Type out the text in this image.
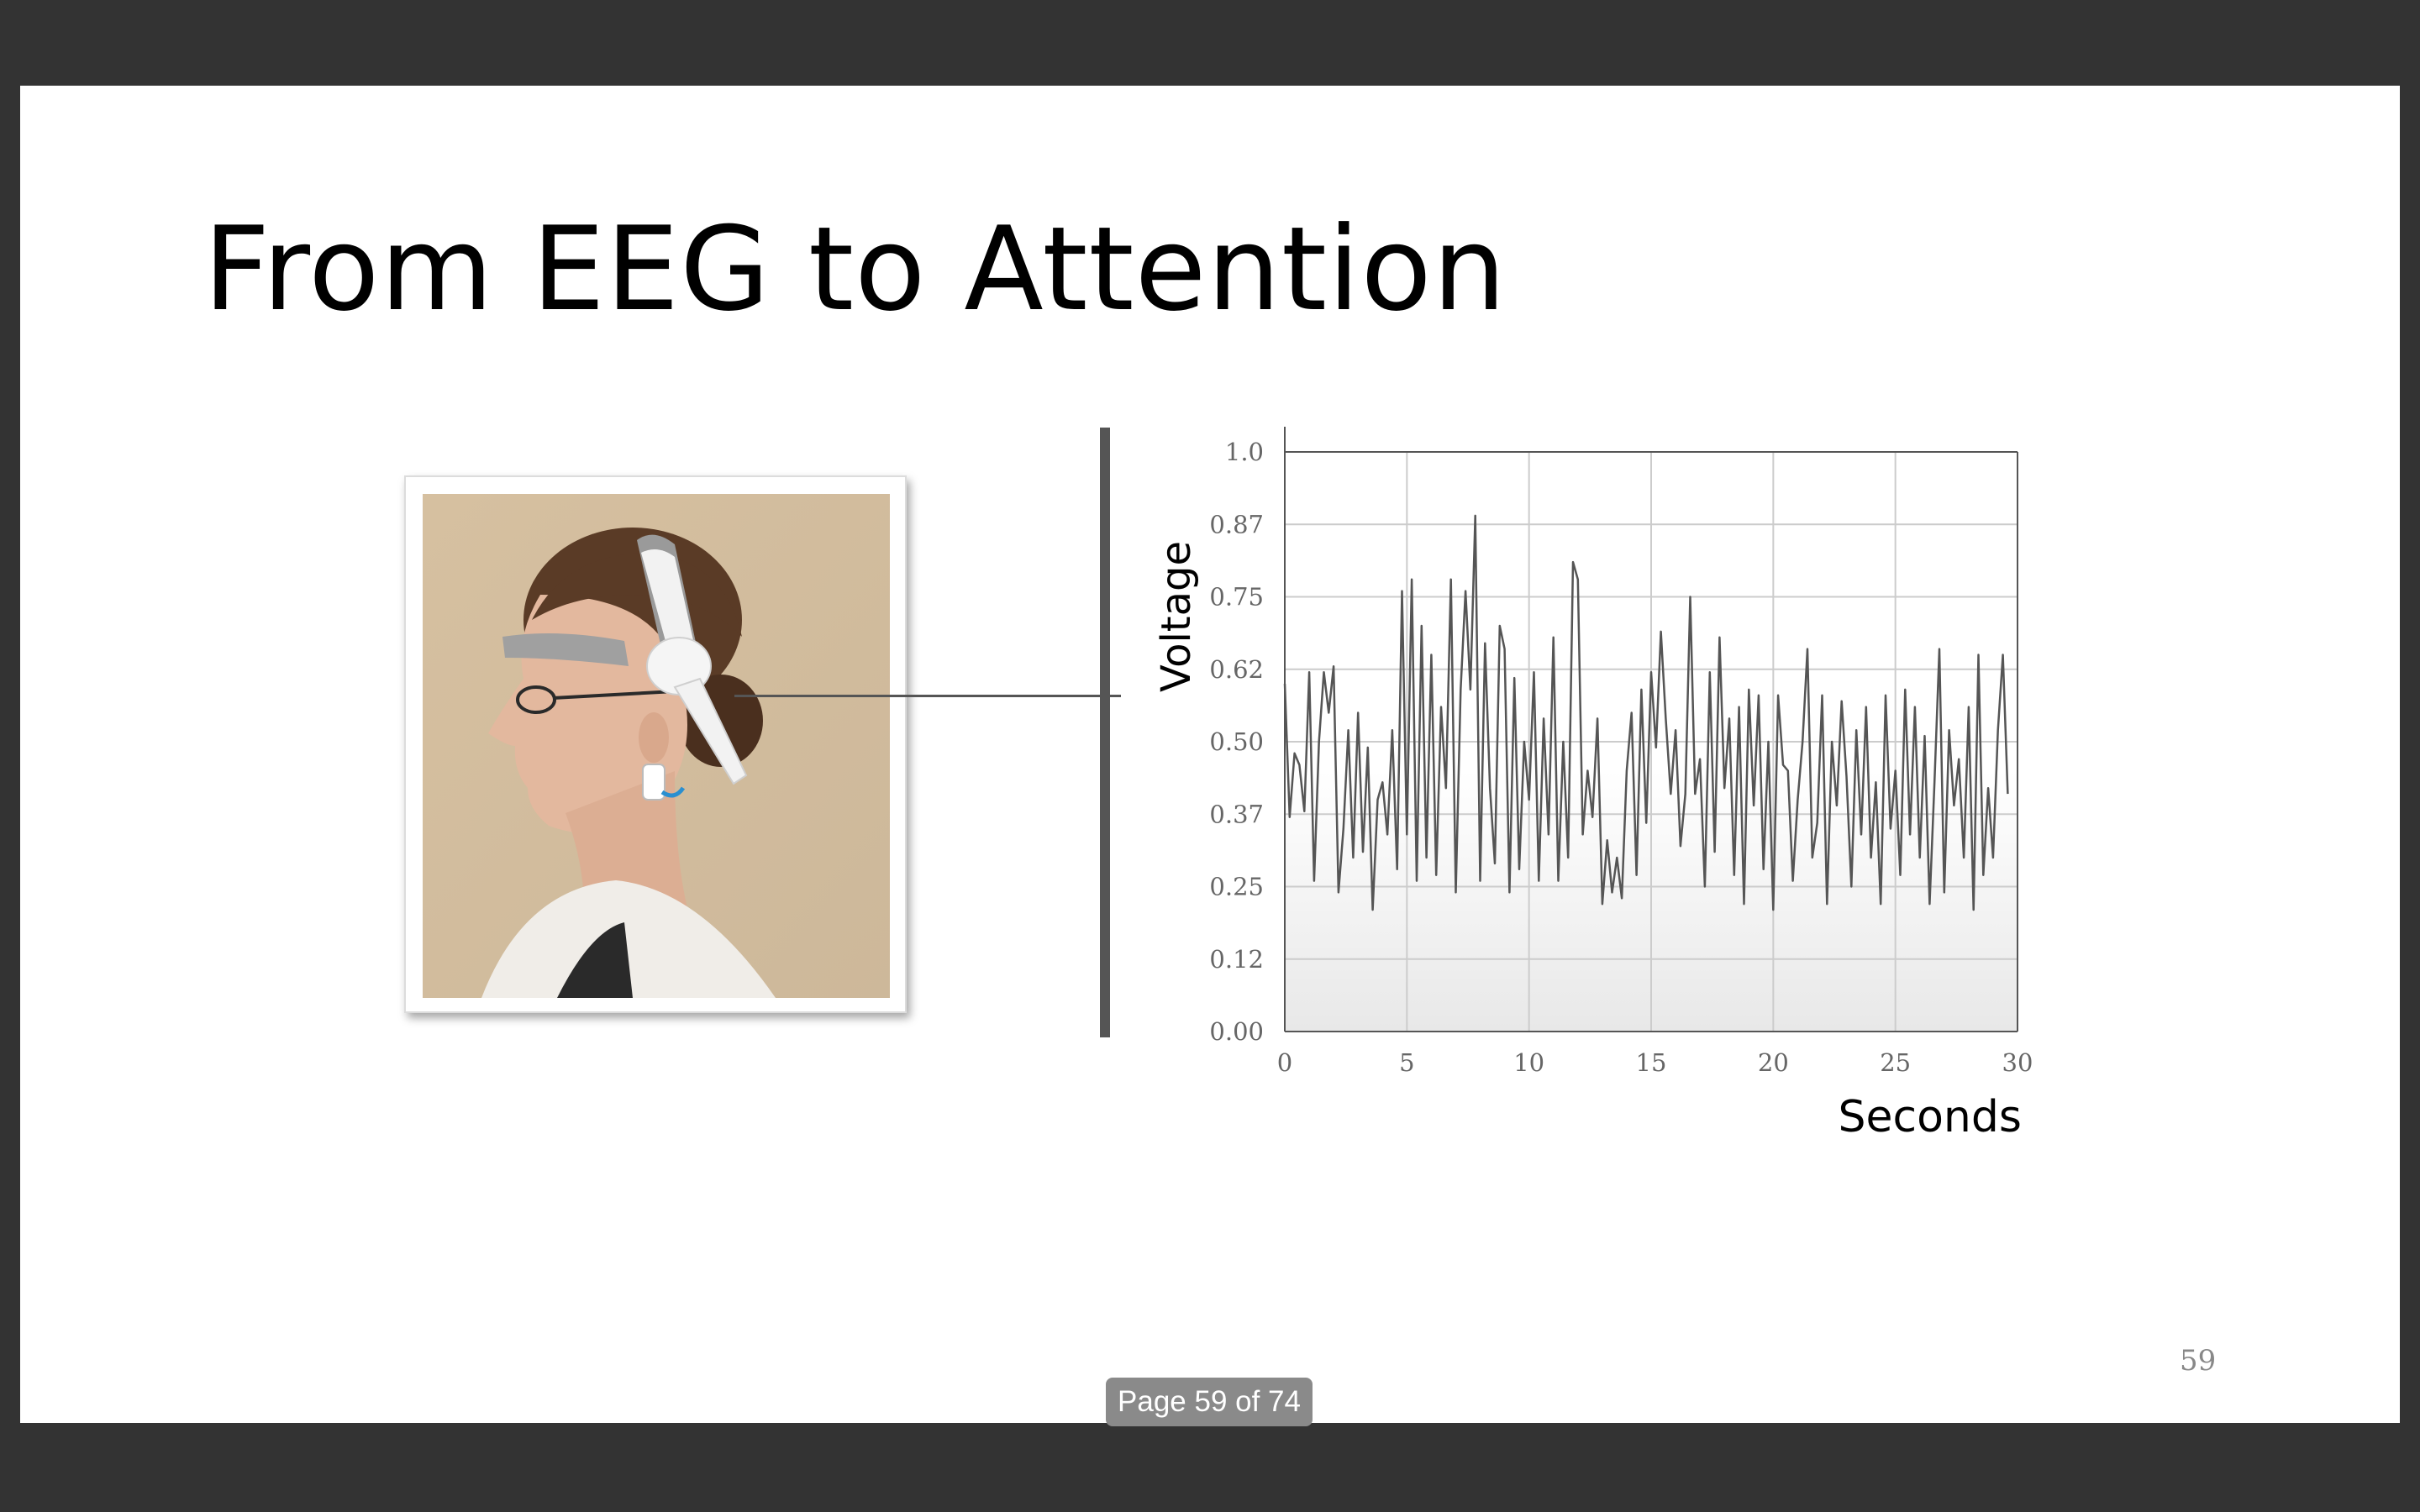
From EEG to Attention
0.00
0.12
0.25
0.37
0.50
0.62
0.75
0.87
1.0
0	5	10	15	20	25	30
Voltage
Seconds
59
Page 59 of 74
